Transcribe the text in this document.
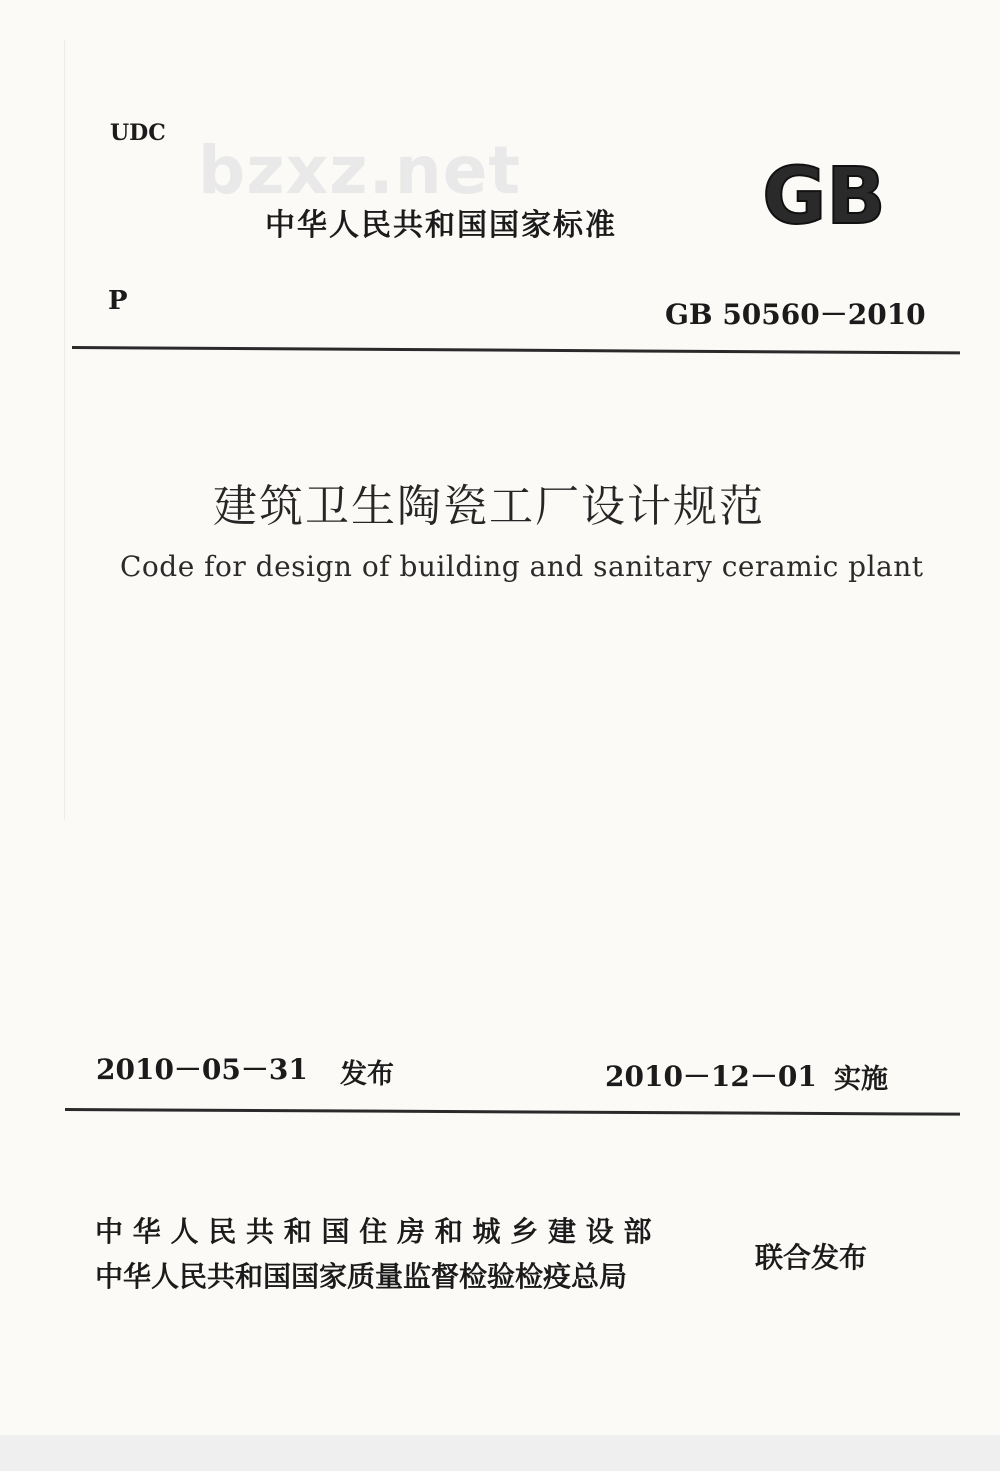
UDC bzxz.net
中华人民共和国国家标准 GB
P	GB 50560－2010
建筑卫生陶瓷工厂设计规范
Code for design of building and sanitary ceramic plant
2010－05－31 发布	2010－12－01 实施
中 华 人 民 共 和 国 住 房 和 城 乡 建 设 部
中华人民共和国国家质量监督检验检疫总局
联合发布
